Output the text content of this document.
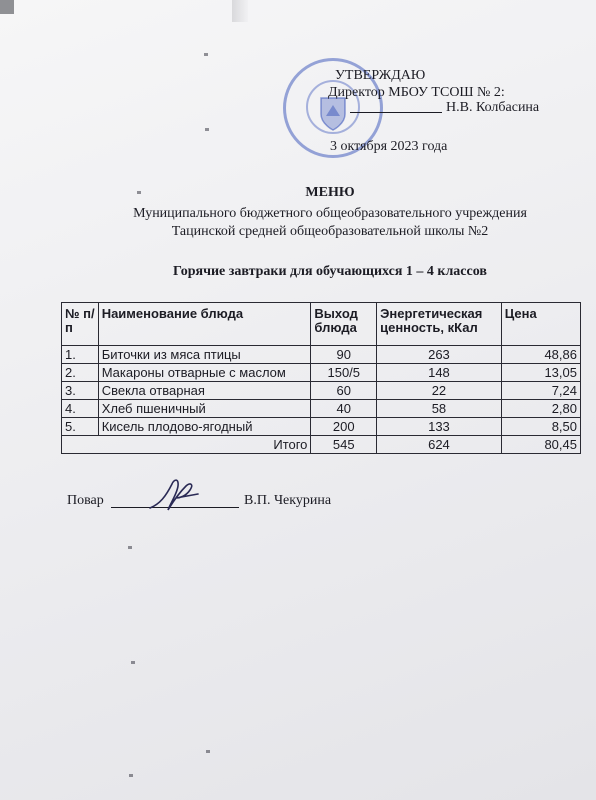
УТВЕРЖДАЮ
Директор МБОУ ТСОШ № 2:
Н.В. Колбасина
3 октября 2023 года
МЕНЮ
Муниципального бюджетного общеобразовательного учреждения
Тацинской средней общеобразовательной школы №2
Горячие завтраки для обучающихся 1 – 4 классов
№ п/п	Наименование блюда	Выход блюда	Энергетическая ценность, кКал	Цена
1.	Биточки из мяса птицы	90	263	48,86
2.	Макароны отварные с маслом	150/5	148	13,05
3.	Свекла отварная	60	22	7,24
4.	Хлеб пшеничный	40	58	2,80
5.	Кисель плодово-ягодный	200	133	8,50
Итого		545	624	80,45
Повар	В.П. Чекурина
